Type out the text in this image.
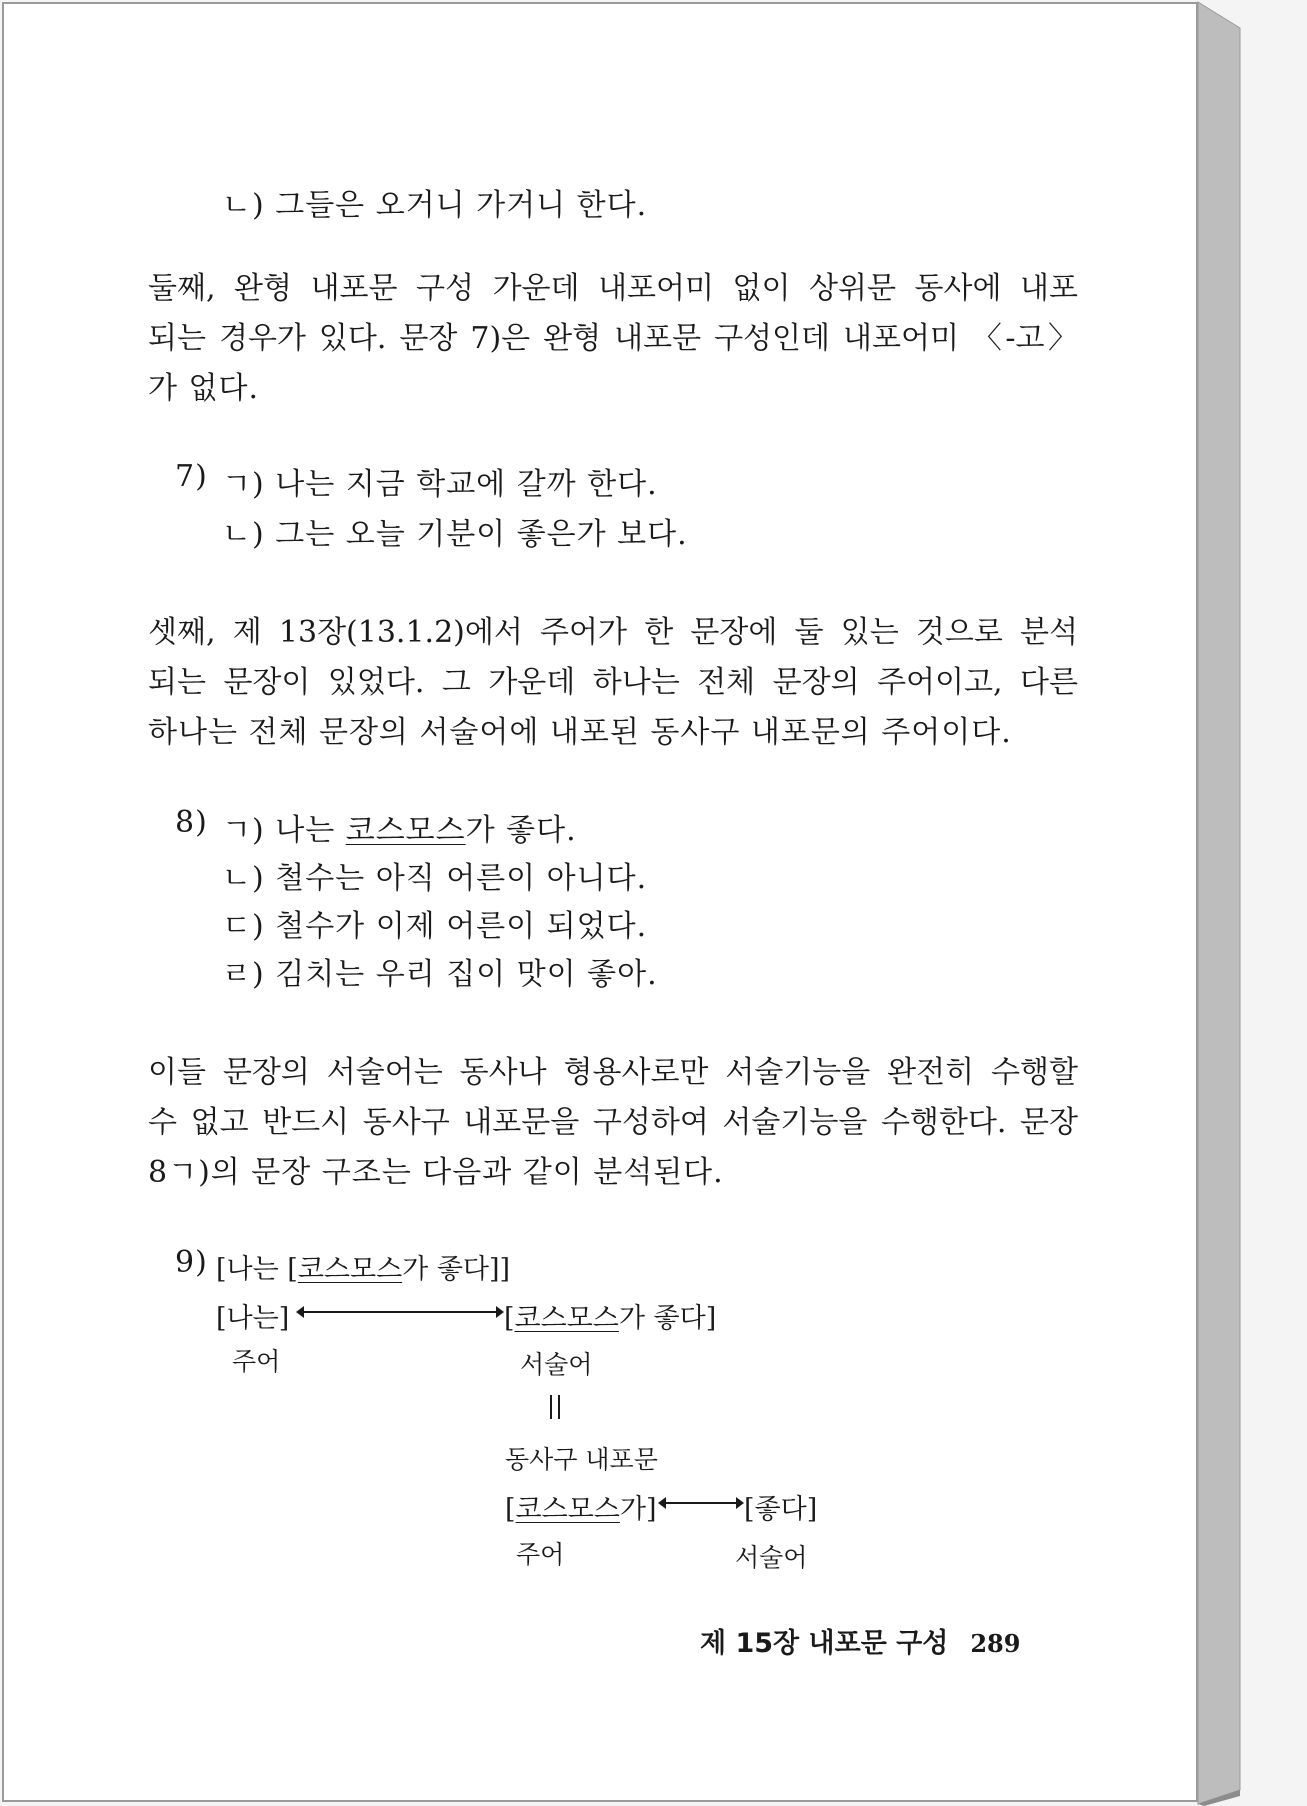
ㄴ) 그들은 오거니 가거니 한다.
둘째, 완형 내포문 구성 가운데 내포어미 없이 상위문 동사에 내포
되는 경우가 있다. 문장 7)은 완형 내포문 구성인데 내포어미 〈-고〉
가 없다.
7) ㄱ) 나는 지금 학교에 갈까 한다.
ㄴ) 그는 오늘 기분이 좋은가 보다.
셋째, 제 13장(13.1.2)에서 주어가 한 문장에 둘 있는 것으로 분석
되는 문장이 있었다. 그 가운데 하나는 전체 문장의 주어이고, 다른
하나는 전체 문장의 서술어에 내포된 동사구 내포문의 주어이다.
8) ㄱ) 나는 코스모스가 좋다.
ㄴ) 철수는 아직 어른이 아니다.
ㄷ) 철수가 이제 어른이 되었다.
ㄹ) 김치는 우리 집이 맛이 좋아.
이들 문장의 서술어는 동사나 형용사로만 서술기능을 완전히 수행할
수 없고 반드시 동사구 내포문을 구성하여 서술기능을 수행한다. 문장
8ㄱ)의 문장 구조는 다음과 같이 분석된다.
9) [나는 [코스모스가 좋다]]
[나는]	[코스모스가 좋다]
주어	서술어
동사구 내포문
[코스모스가]	[좋다]
주어	서술어
제 15장 내포문 구성 289
